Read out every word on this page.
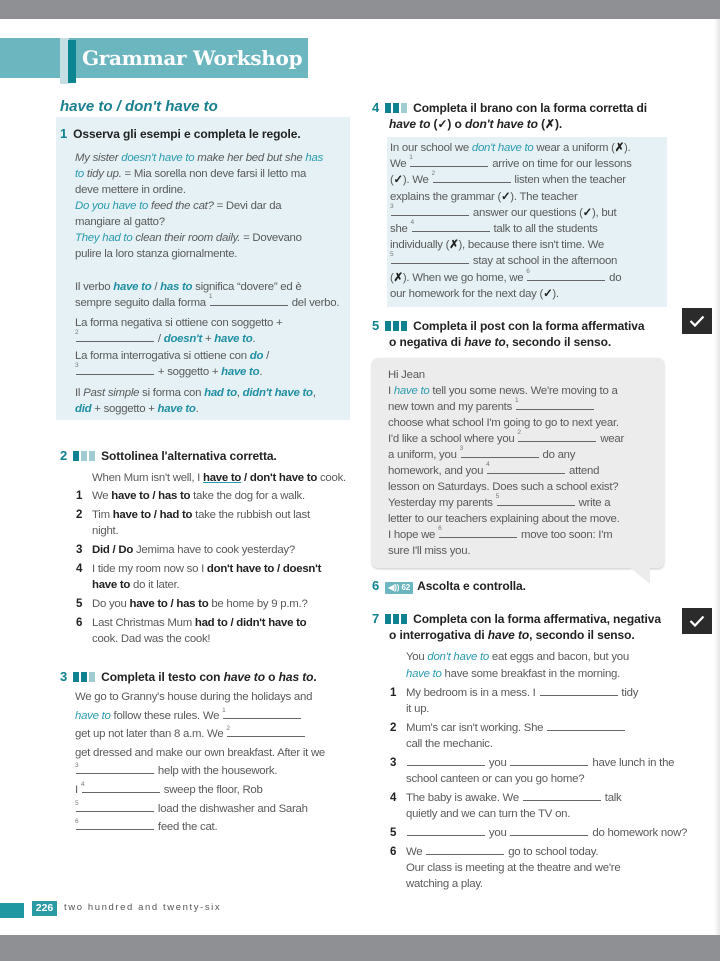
Grammar Workshop
have to / don't have to
1 Osserva gli esempi e completa le regole.
My sister doesn't have to make her bed but she has
to tidy up. = Mia sorella non deve farsi il letto ma
deve mettere in ordine.
Do you have to feed the cat? = Devi dar da
mangiare al gatto?
They had to clean their room daily. = Dovevano
pulire la loro stanza giornalmente.
Il verbo have to / has to significa “dovere” ed è
sempre seguito dalla forma
1
del verbo.
La forma negativa si ottiene con soggetto +
2
/ doesn't + have to.
La forma interrogativa si ottiene con do /
3
+ soggetto + have to.
Il Past simple si forma con had to, didn't have to,
did + soggetto + have to.
2	Sottolinea l'alternativa corretta.
When Mum isn't well, I have to / don't have to cook.
1 We have to / has to take the dog for a walk.
2 Tim have to / had to take the rubbish out last
night.
3 Did / Do Jemima have to cook yesterday?
4 I tide my room now so I don't have to / doesn't
have to do it later.
5 Do you have to / has to be home by 9 p.m.?
6 Last Christmas Mum had to / didn't have to
cook. Dad was the cook!
3	Completa il testo con have to o has to.
We go to Granny's house during the holidays and
have to follow these rules. We 1
get up not later than 8 a.m. We 2
get dressed and make our own breakfast. After it we
3	help with the housework.
I 4	sweep the floor, Rob
5	load the dishwasher and Sarah
6	feed the cat.
4	Completa il brano con la forma corretta di
have to (✓) o don't have to (✗).
In our school we don't have to wear a uniform (✗).
We
1
arrive on time for our lessons
(✓). We
2
listen when the teacher
explains the grammar (✓). The teacher
3
answer our questions (✓), but
she
4
talk to all the students
individually (✗), because there isn't time. We
5
stay at school in the afternoon
(✗). When we go home, we
6
do
our homework for the next day (✓).
5	Completa il post con la forma affermativa
o negativa di have to, secondo il senso.
Hi Jean
I have to tell you some news. We're moving to a
new town and my parents
1
choose what school I'm going to go to next year.
I'd like a school where you
2
wear
a uniform, you
3
do any
homework, and you
4
attend
lesson on Saturdays. Does such a school exist?
Yesterday my parents
5
write a
letter to our teachers explaining about the move.
I hope we
6
move too soon: I'm
sure I'll miss you.
6 ◀)) 62 Ascolta e controlla.
7	Completa con la forma affermativa, negativa
o interrogativa di have to, secondo il senso.
You don't have to eat eggs and bacon, but you
have to have some breakfast in the morning.
1 My bedroom is in a mess. I	tidy
it up.
2 Mum's car isn't working. She
call the mechanic.
3	you	have lunch in the
school canteen or can you go home?
4 The baby is awake. We	talk
quietly and we can turn the TV on.
5	you	do homework now?
6 We	go to school today.
Our class is meeting at the theatre and we're
watching a play.
226	two hundred and twenty-six
